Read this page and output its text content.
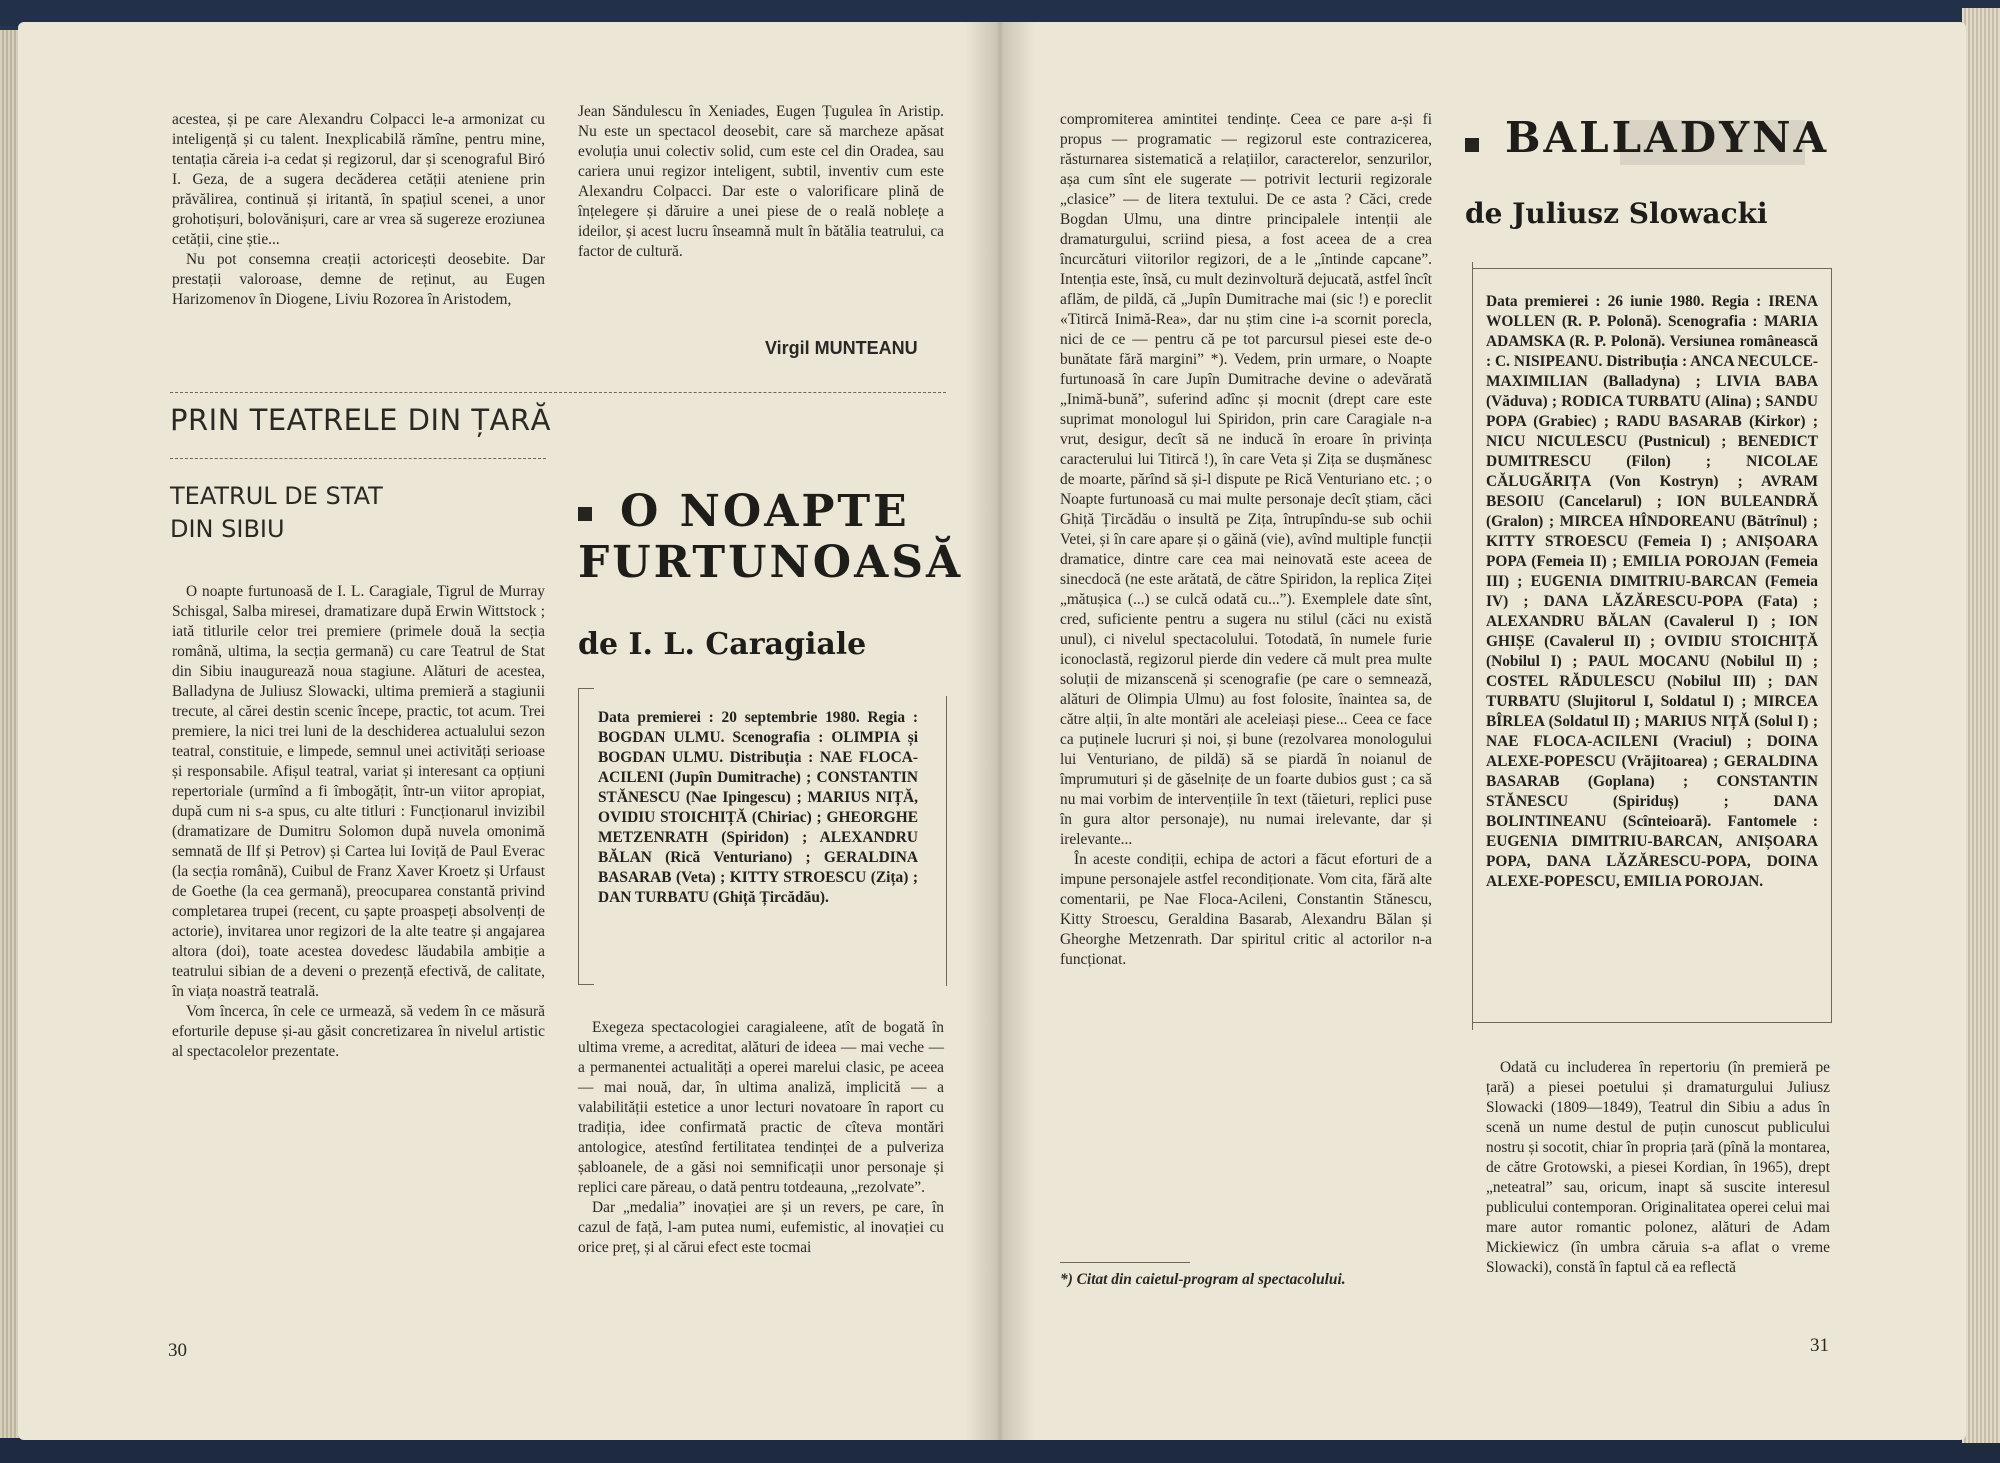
acestea, și pe care Alexandru Colpacci le-a armonizat cu inteligență și cu talent. Inexplicabilă rămîne, pentru mine, tentația căreia i-a cedat și regizorul, dar și scenograful Biró I. Geza, de a sugera decăderea cetății ateniene prin prăvălirea, continuă și iritantă, în spațiul scenei, a unor grohotișuri, bolovănișuri, care ar vrea să sugereze eroziunea cetății, cine știe...

Nu pot consemna creații actoricești deosebite. Dar prestații valoroase, demne de reținut, au Eugen Harizomenov în Diogene, Liviu Rozorea în Aristodem,

Jean Săndulescu în Xeniades, Eugen Țugulea în Aristip. Nu este un spectacol deosebit, care să marcheze apăsat evoluția unui colectiv solid, cum este cel din Oradea, sau cariera unui regizor inteligent, subtil, inventiv cum este Alexandru Colpacci. Dar este o valorificare plină de înțelegere și dăruire a unei piese de o reală noblețe a ideilor, și acest lucru înseamnă mult în bătălia teatrului, ca factor de cultură.

Virgil MUNTEANU
PRIN TEATRELE DIN ȚARĂ
TEATRUL DE STAT
DIN SIBIU

O noapte furtunoasă de I. L. Caragiale, Tigrul de Murray Schisgal, Salba miresei, dramatizare după Erwin Wittstock ; iată titlurile celor trei premiere (primele două la secția română, ultima, la secția germană) cu care Teatrul de Stat din Sibiu inaugurează noua stagiune. Alături de acestea, Balladyna de Juliusz Slowacki, ultima premieră a stagiunii trecute, al cărei destin scenic începe, practic, tot acum. Trei premiere, la nici trei luni de la deschiderea actualului sezon teatral, constituie, e limpede, semnul unei activități serioase și responsabile. Afișul teatral, variat și interesant ca opțiuni repertoriale (urmînd a fi îmbogățit, într-un viitor apropiat, după cum ni s-a spus, cu alte titluri : Funcționarul invizibil (dramatizare de Dumitru Solomon după nuvela omonimă semnată de Ilf și Petrov) și Cartea lui Ioviță de Paul Everac (la secția română), Cuibul de Franz Xaver Kroetz și Urfaust de Goethe (la cea germană), preocuparea constantă privind completarea trupei (recent, cu șapte proaspeți absolvenți de actorie), invitarea unor regizori de la alte teatre și angajarea altora (doi), toate acestea dovedesc lăudabila ambiție a teatrului sibian de a deveni o prezență efectivă, de calitate, în viața noastră teatrală.

Vom încerca, în cele ce urmează, să vedem în ce măsură eforturile depuse și-au găsit concretizarea în nivelul artistic al spectacolelor prezentate.

30
O NOAPTE
FURTUNOASĂ
de I. L. Caragiale

Data premierei : 20 septembrie 1980. Regia : BOGDAN ULMU. Scenografia : OLIMPIA și BOGDAN ULMU. Distribuția : NAE FLOCA-ACILENI (Jupîn Dumitrache) ; CONSTANTIN STĂNESCU (Nae Ipingescu) ; MARIUS NIȚĂ, OVIDIU STOICHIȚĂ (Chiriac) ; GHEORGHE METZENRATH (Spiridon) ; ALEXANDRU BĂLAN (Rică Venturiano) ; GERALDINA BASARAB (Veta) ; KITTY STROESCU (Zița) ; DAN TURBATU (Ghiță Țircădău).

Exegeza spectacologiei caragialeene, atît de bogată în ultima vreme, a acreditat, alături de ideea — mai veche — a permanentei actualități a operei marelui clasic, pe aceea — mai nouă, dar, în ultima analiză, implicită — a valabilității estetice a unor lecturi novatoare în raport cu tradiția, idee confirmată practic de cîteva montări antologice, atestînd fertilitatea tendinței de a pulveriza șabloanele, de a găsi noi semnificații unor personaje și replici care păreau, o dată pentru totdeauna, „rezolvate”.

Dar „medalia” inovației are și un revers, pe care, în cazul de față, l-am putea numi, eufemistic, al inovației cu orice preț, și al cărui efect este tocmai

compromiterea amintitei tendințe. Ceea ce pare a-și fi propus — programatic — regizorul este contrazicerea, răsturnarea sistematică a relațiilor, caracterelor, senzurilor, așa cum sînt ele sugerate — potrivit lecturii regizorale „clasice” — de litera textului. De ce asta ? Căci, crede Bogdan Ulmu, una dintre principalele intenții ale dramaturgului, scriind piesa, a fost aceea de a crea încurcături viitorilor regizori, de a le „întinde capcane”. Intenția este, însă, cu mult dezinvoltură dejucată, astfel încît aflăm, de pildă, că „Jupîn Dumitrache mai (sic !) e poreclit «Titircă Inimă-Rea», dar nu știm cine i-a scornit porecla, nici de ce — pentru că pe tot parcursul piesei este de-o bunătate fără margini” *). Vedem, prin urmare, o Noapte furtunoasă în care Jupîn Dumitrache devine o adevărată „Inimă-bună”, suferind adînc și mocnit (drept care este suprimat monologul lui Spiridon, prin care Caragiale n-a vrut, desigur, decît să ne inducă în eroare în privința caracterului lui Titircă !), în care Veta și Zița se dușmănesc de moarte, părînd să și-l dispute pe Rică Venturiano etc. ; o Noapte furtunoasă cu mai multe personaje decît știam, căci Ghiță Țircădău o insultă pe Zița, întrupîndu-se sub ochii Vetei, și în care apare și o găină (vie), avînd multiple funcții dramatice, dintre care cea mai neinovată este aceea de sinecdocă (ne este arătată, de către Spiridon, la replica Ziței „mătușica (...) se culcă odată cu...”). Exemplele date sînt, cred, suficiente pentru a sugera nu stilul (căci nu există unul), ci nivelul spectacolului. Totodată, în numele furie iconoclastă, regizorul pierde din vedere că mult prea multe soluții de mizanscenă și scenografie (pe care o semnează, alături de Olimpia Ulmu) au fost folosite, înaintea sa, de către alții, în alte montări ale aceleiași piese... Ceea ce face ca puținele lucruri și noi, și bune (rezolvarea monologului lui Venturiano, de pildă) să se piardă în noianul de împrumuturi și de găselnițe de un foarte dubios gust ; ca să nu mai vorbim de intervențiile în text (tăieturi, replici puse în gura altor personaje), nu numai irelevante, dar și irelevante...

În aceste condiții, echipa de actori a făcut eforturi de a impune personajele astfel recondiționate. Vom cita, fără alte comentarii, pe Nae Floca-Acileni, Constantin Stănescu, Kitty Stroescu, Geraldina Basarab, Alexandru Bălan și Gheorghe Metzenrath. Dar spiritul critic al actorilor n-a funcționat.

*) Citat din caietul-program al spectacolului.
BALLADYNA
de Juliusz Slowacki

Data premierei : 26 iunie 1980. Regia : IRENA WOLLEN (R. P. Polonă). Scenografia : MARIA ADAMSKA (R. P. Polonă). Versiunea românească : C. NISIPEANU. Distribuția : ANCA NECULCE-MAXIMILIAN (Balladyna) ; LIVIA BABA (Văduva) ; RODICA TURBATU (Alina) ; SANDU POPA (Grabiec) ; RADU BASARAB (Kirkor) ; NICU NICULESCU (Pustnicul) ; BENEDICT DUMITRESCU (Filon) ; NICOLAE CĂLUGĂRIȚA (Von Kostryn) ; AVRAM BESOIU (Cancelarul) ; ION BULEANDRĂ (Gralon) ; MIRCEA HÎNDOREANU (Bătrînul) ; KITTY STROESCU (Femeia I) ; ANIȘOARA POPA (Femeia II) ; EMILIA POROJAN (Femeia III) ; EUGENIA DIMITRIU-BARCAN (Femeia IV) ; DANA LĂZĂRESCU-POPA (Fata) ; ALEXANDRU BĂLAN (Cavalerul I) ; ION GHIȘE (Cavalerul II) ; OVIDIU STOICHIȚĂ (Nobilul I) ; PAUL MOCANU (Nobilul II) ; COSTEL RĂDULESCU (Nobilul III) ; DAN TURBATU (Slujitorul I, Soldatul I) ; MIRCEA BÎRLEA (Soldatul II) ; MARIUS NIȚĂ (Solul I) ; NAE FLOCA-ACILENI (Vraciul) ; DOINA ALEXE-POPESCU (Vrăjitoarea) ; GERALDINA BASARAB (Goplana) ; CONSTANTIN STĂNESCU (Spiriduș) ; DANA BOLINTINEANU (Scînteioară). Fantomele : EUGENIA DIMITRIU-BARCAN, ANIȘOARA POPA, DANA LĂZĂRESCU-POPA, DOINA ALEXE-POPESCU, EMILIA POROJAN.

Odată cu includerea în repertoriu (în premieră pe țară) a piesei poetului și dramaturgului Juliusz Slowacki (1809—1849), Teatrul din Sibiu a adus în scenă un nume destul de puțin cunoscut publicului nostru și socotit, chiar în propria țară (pînă la montarea, de către Grotowski, a piesei Kordian, în 1965), drept „neteatral” sau, oricum, inapt să suscite interesul publicului contemporan. Originalitatea operei celui mai mare autor romantic polonez, alături de Adam Mickiewicz (în umbra căruia s-a aflat o vreme Slowacki), constă în faptul că ea reflectă

31
